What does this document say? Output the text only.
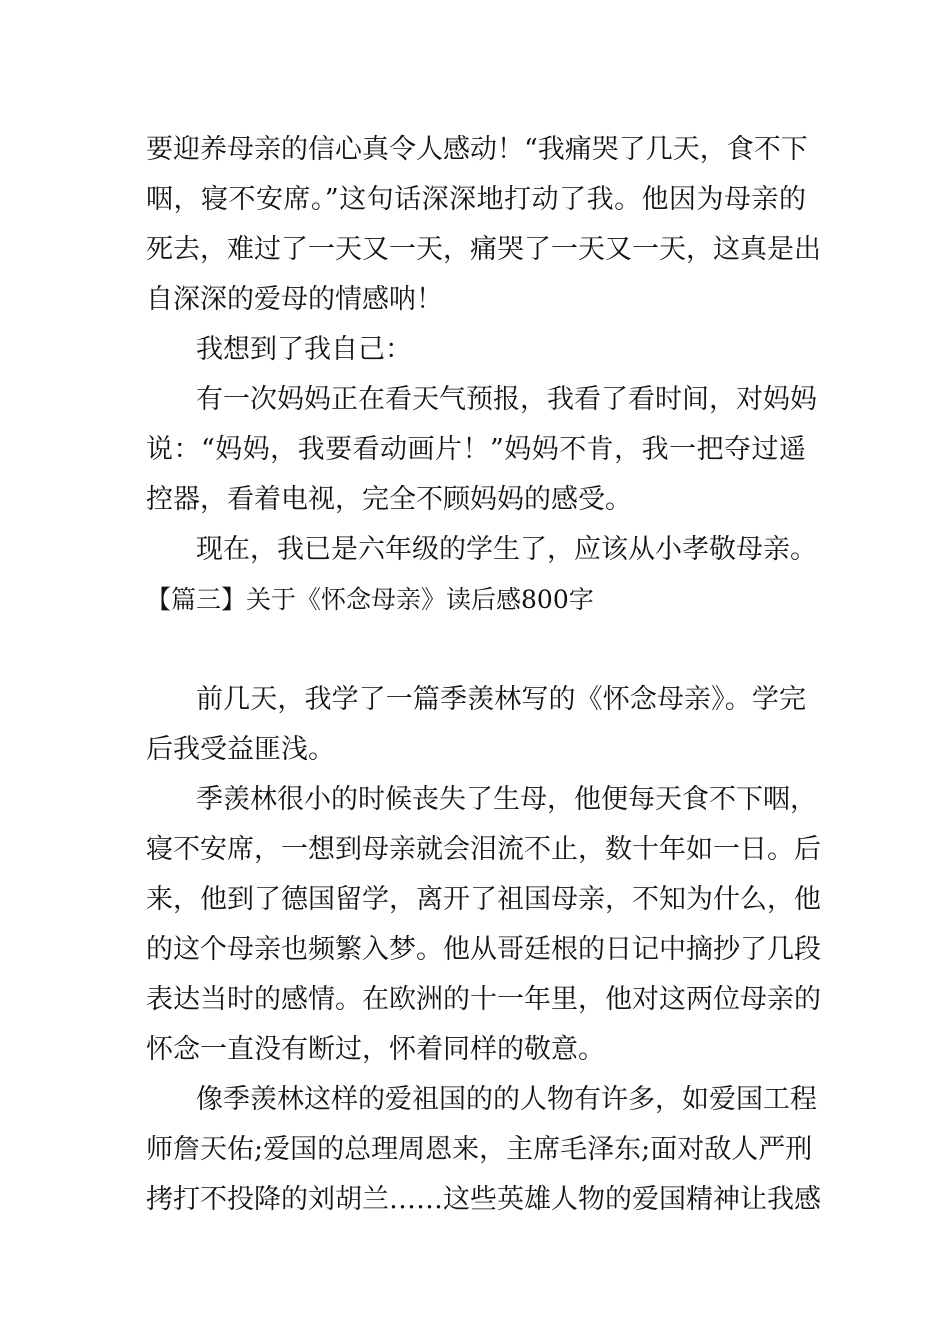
要迎养母亲的信心真令人感动！“我痛哭了几天，食不下
咽，寝不安席。”这句话深深地打动了我。他因为母亲的
死去，难过了一天又一天，痛哭了一天又一天，这真是出
自深深的爱母的情感呐！
我想到了我自己：
有一次妈妈正在看天气预报，我看了看时间，对妈妈
说：“妈妈，我要看动画片！”妈妈不肯，我一把夺过遥
控器，看着电视，完全不顾妈妈的感受。
现在，我已是六年级的学生了，应该从小孝敬母亲。
【篇三】关于《怀念母亲》读后感800字
前几天，我学了一篇季羡林写的《怀念母亲》。学完
后我受益匪浅。
季羡林很小的时候丧失了生母，他便每天食不下咽，
寝不安席，一想到母亲就会泪流不止，数十年如一日。后
来，他到了德国留学，离开了祖国母亲，不知为什么，他
的这个母亲也频繁入梦。他从哥廷根的日记中摘抄了几段
表达当时的感情。在欧洲的十一年里，他对这两位母亲的
怀念一直没有断过，怀着同样的敬意。
像季羡林这样的爱祖国的的人物有许多，如爱国工程
师詹天佑;爱国的总理周恩来，主席毛泽东;面对敌人严刑
拷打不投降的刘胡兰……这些英雄人物的爱国精神让我感
